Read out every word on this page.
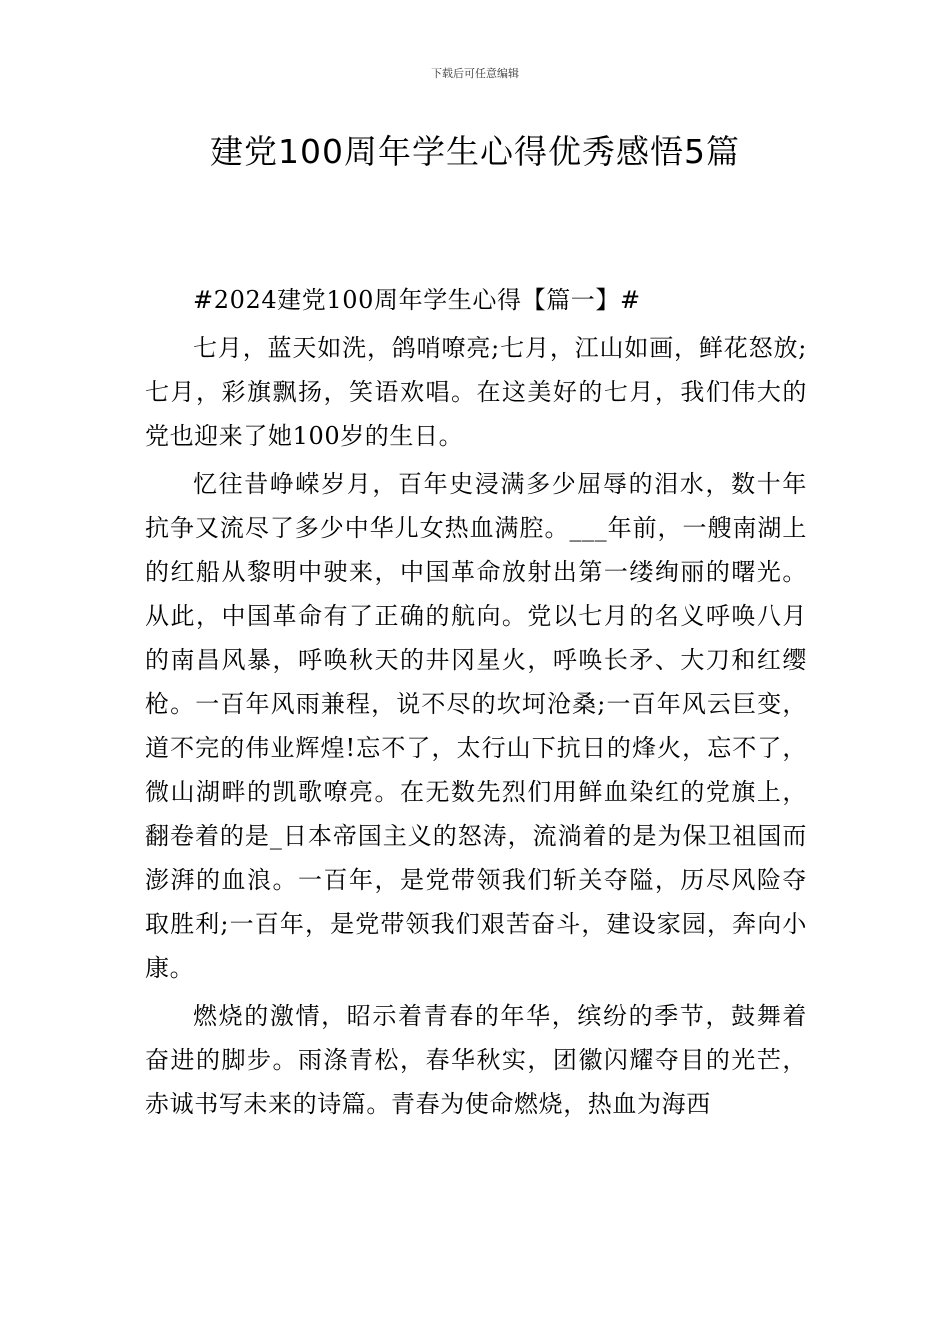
下载后可任意编辑
建党100周年学生心得优秀感悟5篇

#2024建党100周年学生心得【篇一】#

七月，蓝天如洗，鸽哨嘹亮;七月，江山如画，鲜花怒放;七月，彩旗飘扬，笑语欢唱。在这美好的七月，我们伟大的党也迎来了她100岁的生日。

忆往昔峥嵘岁月，百年史浸满多少屈辱的泪水，数十年抗争又流尽了多少中华儿女热血满腔。___年前，一艘南湖上的红船从黎明中驶来，中国革命放射出第一缕绚丽的曙光。从此，中国革命有了正确的航向。党以七月的名义呼唤八月的南昌风暴，呼唤秋天的井冈星火，呼唤长矛、大刀和红缨枪。一百年风雨兼程，说不尽的坎坷沧桑;一百年风云巨变，道不完的伟业辉煌!忘不了，太行山下抗日的烽火，忘不了，微山湖畔的凯歌嘹亮。在无数先烈们用鲜血染红的党旗上，翻卷着的是_日本帝国主义的怒涛，流淌着的是为保卫祖国而澎湃的血浪。一百年，是党带领我们斩关夺隘，历尽风险夺取胜利;一百年，是党带领我们艰苦奋斗，建设家园，奔向小康。

燃烧的激情，昭示着青春的年华，缤纷的季节，鼓舞着奋进的脚步。雨涤青松，春华秋实，团徽闪耀夺目的光芒，赤诚书写未来的诗篇。青春为使命燃烧，热血为海西
